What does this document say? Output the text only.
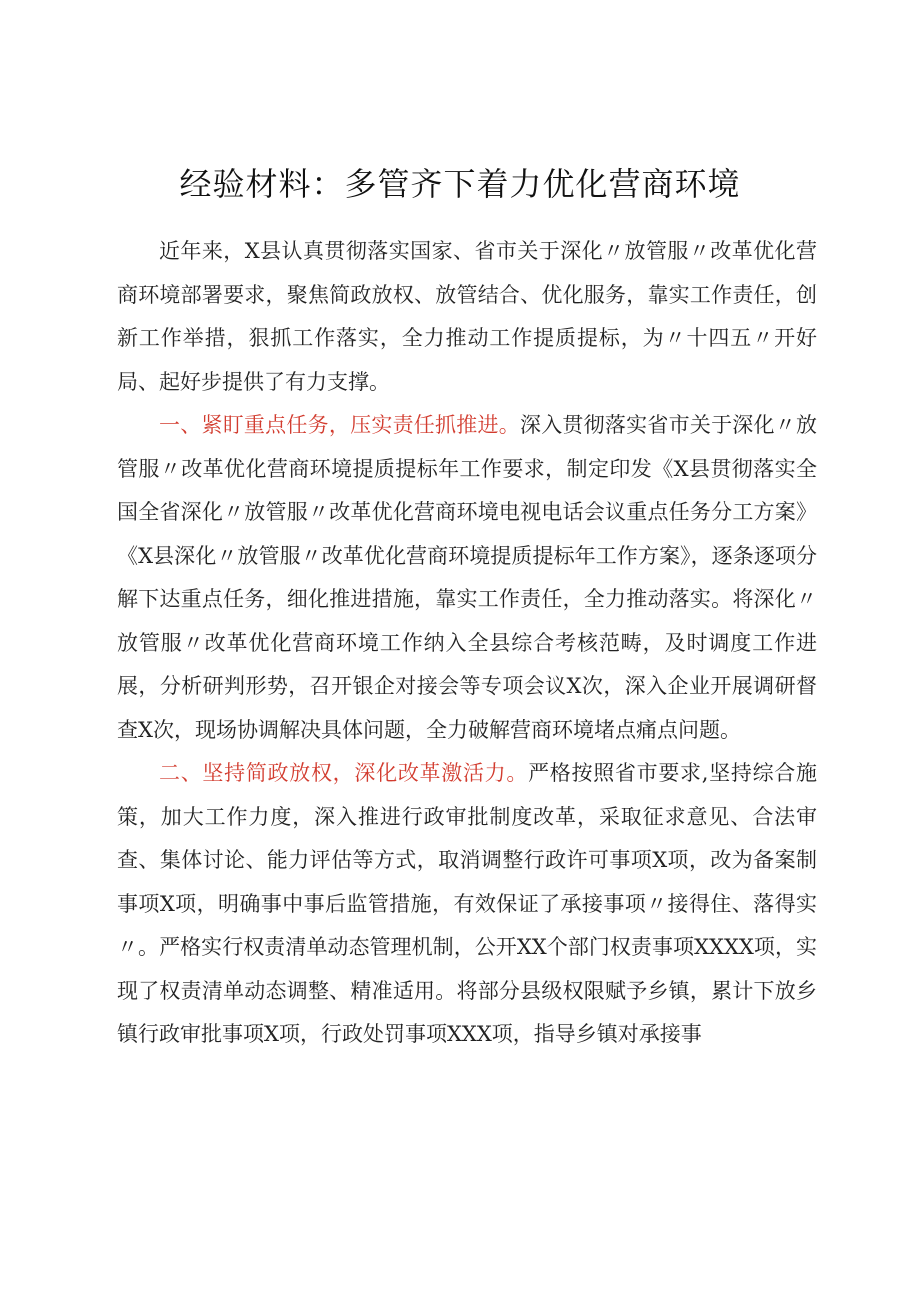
经验材料：多管齐下着力优化营商环境

近年来，X县认真贯彻落实国家、省市关于深化〃放管服〃改革优化营商环境部署要求，聚焦简政放权、放管结合、优化服务，靠实工作责任，创新工作举措，狠抓工作落实，全力推动工作提质提标，为〃十四五〃开好局、起好步提供了有力支撑。

一、紧盯重点任务，压实责任抓推进。深入贯彻落实省市关于深化〃放管服〃改革优化营商环境提质提标年工作要求，制定印发《X县贯彻落实全国全省深化〃放管服〃改革优化营商环境电视电话会议重点任务分工方案》《X县深化〃放管服〃改革优化营商环境提质提标年工作方案》，逐条逐项分解下达重点任务，细化推进措施，靠实工作责任，全力推动落实。将深化〃放管服〃改革优化营商环境工作纳入全县综合考核范畴，及时调度工作进展，分析研判形势，召开银企对接会等专项会议X次，深入企业开展调研督查X次，现场协调解决具体问题，全力破解营商环境堵点痛点问题。

二、坚持简政放权，深化改革激活力。严格按照省市要求,坚持综合施策，加大工作力度，深入推进行政审批制度改革，采取征求意见、合法审查、集体讨论、能力评估等方式，取消调整行政许可事项X项，改为备案制事项X项，明确事中事后监管措施，有效保证了承接事项〃接得住、落得实〃。严格实行权责清单动态管理机制，公开XX个部门权责事项XXXX项，实现了权责清单动态调整、精准适用。将部分县级权限赋予乡镇，累计下放乡镇行政审批事项X项，行政处罚事项XXX项，指导乡镇对承接事
